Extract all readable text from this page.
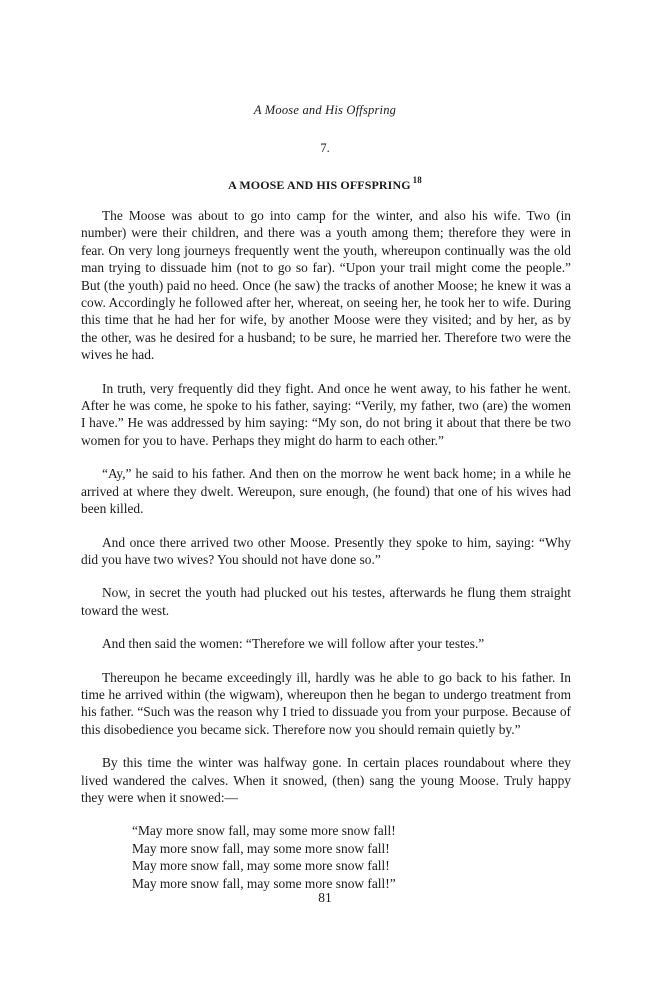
A Moose and His Offspring
7.
A MOOSE AND HIS OFFSPRING $^{18}$

The Moose was about to go into camp for the winter, and also his wife. Two (in number) were their children, and there was a youth among them; therefore they were in fear. On very long journeys frequently went the youth, whereupon continually was the old man trying to dissuade him (not to go so far). “Upon your trail might come the people.” But (the youth) paid no heed. Once (he saw) the tracks of another Moose; he knew it was a cow. Accordingly he followed after her, whereat, on seeing her, he took her to wife. During this time that he had her for wife, by another Moose were they visited; and by her, as by the other, was he desired for a husband; to be sure, he married her. Therefore two were the wives he had.

In truth, very frequently did they fight. And once he went away, to his father he went. After he was come, he spoke to his father, saying: “Verily, my father, two (are) the women I have.” He was addressed by him saying: “My son, do not bring it about that there be two women for you to have. Perhaps they might do harm to each other.”

“Ay,” he said to his father. And then on the morrow he went back home; in a while he arrived at where they dwelt. Wereupon, sure enough, (he found) that one of his wives had been killed.

And once there arrived two other Moose. Presently they spoke to him, saying: “Why did you have two wives? You should not have done so.”

Now, in secret the youth had plucked out his testes, afterwards he flung them straight toward the west.

And then said the women: “Therefore we will follow after your testes.”

Thereupon he became exceedingly ill, hardly was he able to go back to his father. In time he arrived within (the wigwam), whereupon then he began to undergo treatment from his father. “Such was the reason why I tried to dissuade you from your purpose. Because of this disobedience you became sick. Therefore now you should remain quietly by.”

By this time the winter was halfway gone. In certain places roundabout where they lived wandered the calves. When it snowed, (then) sang the young Moose. Truly happy they were when it snowed:—

“May more snow fall, may some more snow fall!
May more snow fall, may some more snow fall!
May more snow fall, may some more snow fall!
May more snow fall, may some more snow fall!”
81
